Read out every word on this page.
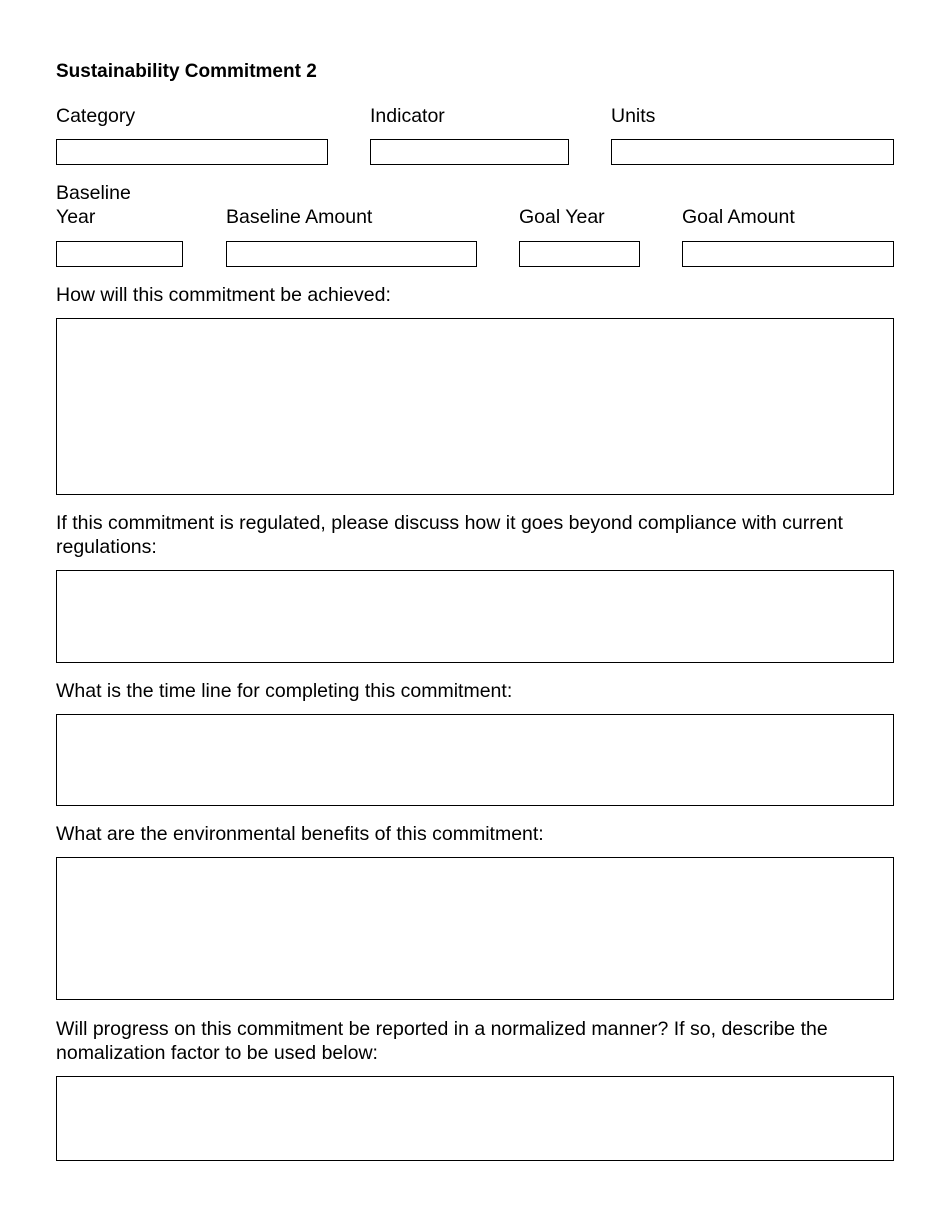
Sustainability Commitment 2
Category	Indicator	Units
Baseline
Year	Baseline Amount	Goal Year	Goal Amount
How will this commitment be achieved:
If this commitment is regulated, please discuss how it goes beyond compliance with current
regulations:
What is the time line for completing this commitment:
What are the environmental benefits of this commitment:
Will progress on this commitment be reported in a normalized manner? If so, describe the
nomalization factor to be used below:
